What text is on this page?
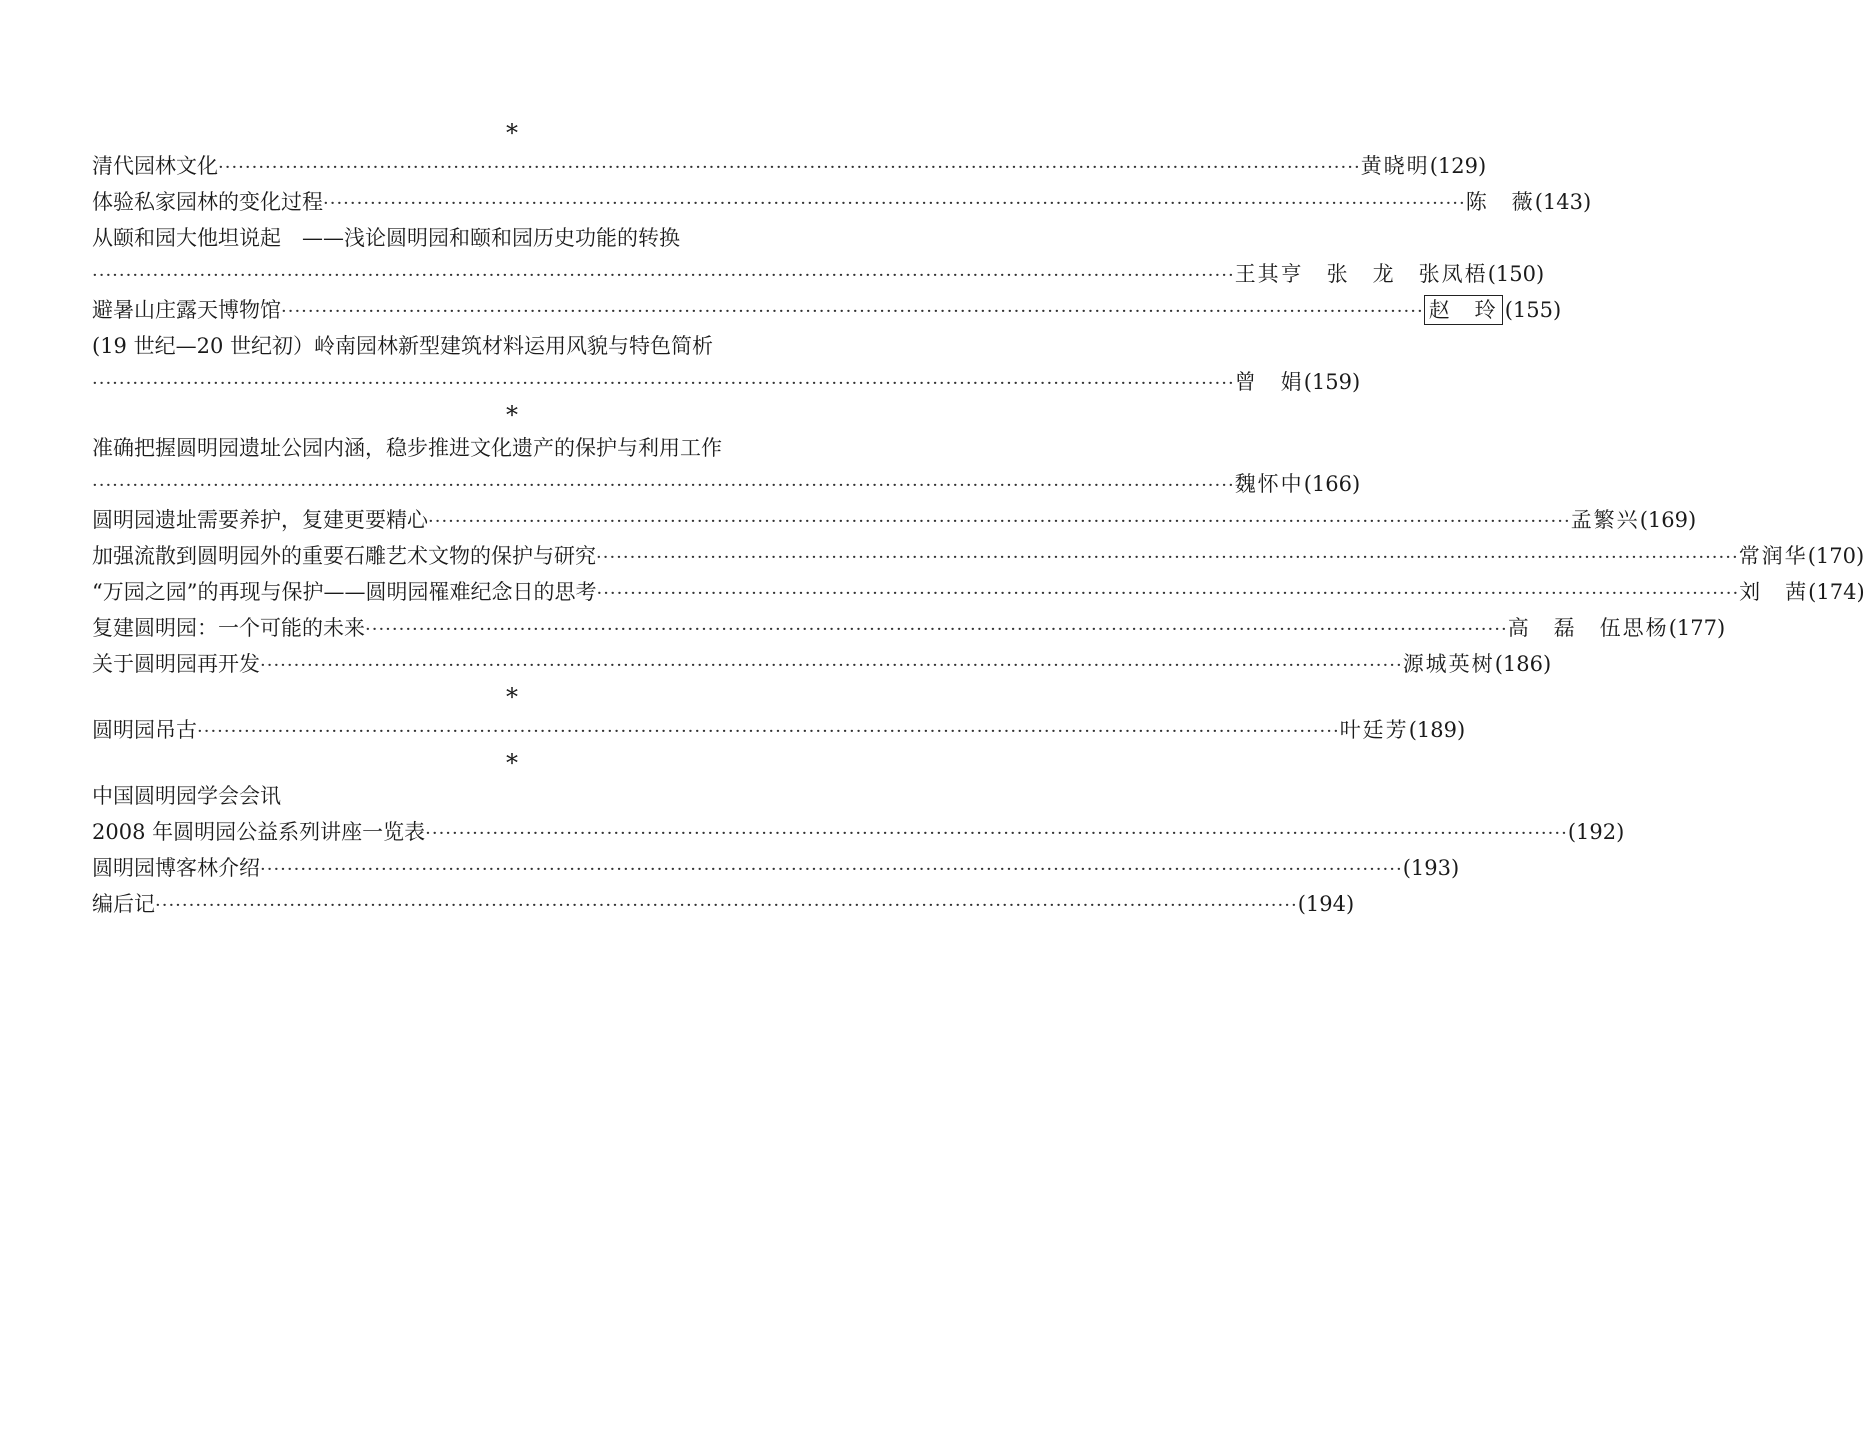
*
清代园林文化 ·········································································································································································· 黄晓明 (129)
体验私家园林的变化过程 ·········································································································································································· 陈　薇 (143)
从颐和园大他坦说起　——浅论圆明园和颐和园历史功能的转换
·········································································································································································· 王其亨　张　龙　张凤梧 (150)
避暑山庄露天博物馆 ·········································································································································································· 赵　玲 (155)
(19 世纪—20 世纪初）岭南园林新型建筑材料运用风貌与特色简析
·········································································································································································· 曾　娟 (159)
*
准确把握圆明园遗址公园内涵，稳步推进文化遗产的保护与利用工作
·········································································································································································· 魏怀中 (166)
圆明园遗址需要养护，复建更要精心 ·········································································································································································· 孟繁兴 (169)
加强流散到圆明园外的重要石雕艺术文物的保护与研究 ·········································································································································································· 常润华 (170)
“万园之园”的再现与保护——圆明园罹难纪念日的思考 ·········································································································································································· 刘　茜 (174)
复建圆明园：一个可能的未来 ·········································································································································································· 高　磊　伍思杨 (177)
关于圆明园再开发 ·········································································································································································· 源城英树 (186)
*
圆明园吊古 ·········································································································································································· 叶廷芳 (189)
*
中国圆明园学会会讯
2008 年圆明园公益系列讲座一览表 ·········································································································································································· (192)
圆明园博客林介绍 ·········································································································································································· (193)
编后记 ·········································································································································································· (194)
